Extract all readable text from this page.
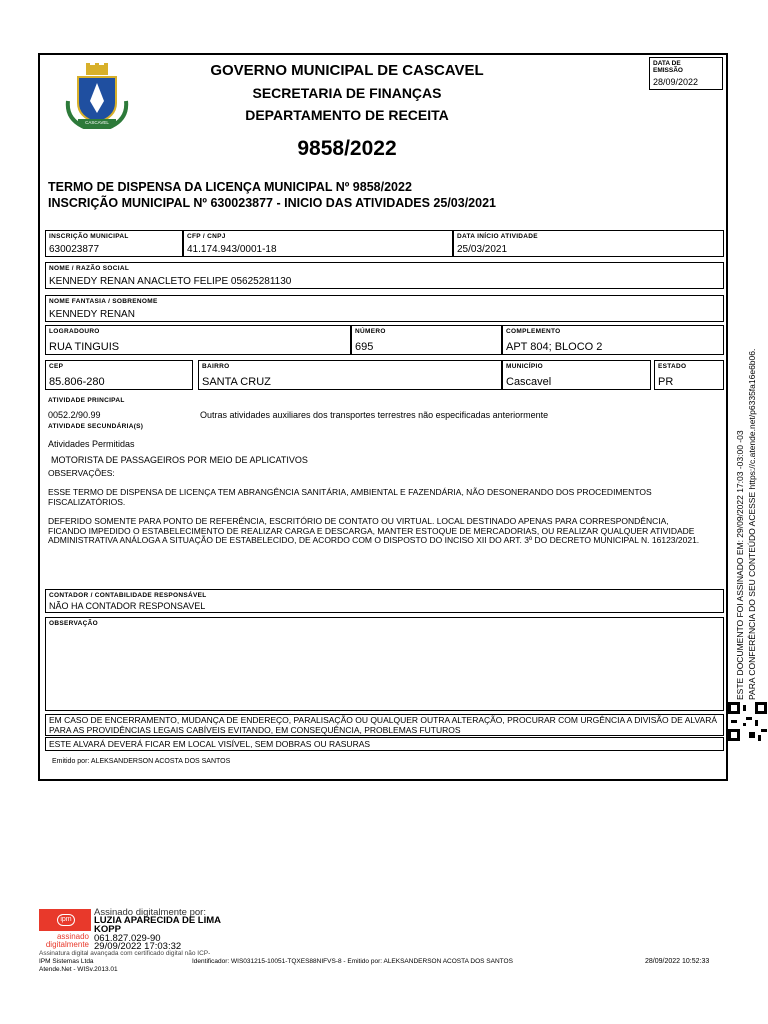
CASCAVEL
GOVERNO MUNICIPAL DE CASCAVEL
SECRETARIA DE FINANÇAS
DEPARTAMENTO DE RECEITA
9858/2022
DATA DE EMISSÃO
28/09/2022
TERMO DE DISPENSA DA LICENÇA MUNICIPAL Nº 9858/2022
INSCRIÇÃO MUNICIPAL Nº 630023877 - INICIO DAS ATIVIDADES 25/03/2021
INSCRIÇÃO MUNICIPAL
630023877
CFP / CNPJ
41.174.943/0001-18
DATA INÍCIO ATIVIDADE
25/03/2021
NOME / RAZÃO SOCIAL
KENNEDY RENAN ANACLETO FELIPE 05625281130
NOME FANTASIA / SOBRENOME
KENNEDY RENAN
LOGRADOURO
RUA TINGUIS
NÚMERO
695
COMPLEMENTO
APT 804; BLOCO 2
CEP
85.806-280
BAIRRO
SANTA CRUZ
MUNICÍPIO
Cascavel
ESTADO
PR
ATIVIDADE PRINCIPAL
0052.2/90.99	Outras atividades auxiliares dos transportes terrestres não especificadas anteriormente
ATIVIDADE SECUNDÁRIA(S)
Atividades Permitidas
MOTORISTA DE PASSAGEIROS POR MEIO DE APLICATIVOS
OBSERVAÇÕES:
ESSE TERMO DE DISPENSA DE LICENÇA TEM ABRANGÊNCIA SANITÁRIA, AMBIENTAL E FAZENDÁRIA, NÃO DESONERANDO DOS PROCEDIMENTOS FISCALIZATÓRIOS.
DEFERIDO SOMENTE PARA PONTO DE REFERÊNCIA, ESCRITÓRIO DE CONTATO OU VIRTUAL. LOCAL DESTINADO APENAS PARA CORRESPONDÊNCIA, FICANDO IMPEDIDO O ESTABELECIMENTO DE REALIZAR CARGA E DESCARGA, MANTER ESTOQUE DE MERCADORIAS, OU REALIZAR QUALQUER ATIVIDADE ADMINISTRATIVA ANÁLOGA A SITUAÇÃO DE ESTABELECIDO, DE ACORDO COM O DISPOSTO DO INCISO XII DO ART. 3º DO DECRETO MUNICIPAL N. 16123/2021.
CONTADOR / CONTABILIDADE RESPONSÁVEL
NÃO HA CONTADOR RESPONSAVEL
OBSERVAÇÃO
EM CASO DE ENCERRAMENTO, MUDANÇA DE ENDEREÇO, PARALISAÇÃO OU QUALQUER OUTRA ALTERAÇÃO, PROCURAR COM URGÊNCIA A DIVISÃO DE ALVARÁ PARA AS PROVIDÊNCIAS LEGAIS CABÍVEIS EVITANDO, EM CONSEQUÊNCIA, PROBLEMAS FUTUROS
ESTE ALVARÁ DEVERÁ FICAR EM LOCAL VISÍVEL, SEM DOBRAS OU RASURAS
Emitido por: ALEKSANDERSON ACOSTA DOS SANTOS
ESTE DOCUMENTO FOI ASSINADO EM: 29/09/2022 17:03 -03:00 -03 PARA CONFERÊNCIA DO SEU CONTEÚDO ACESSE https://c.atende.net/p6335fa16e6b06.
ipm
assinado
digitalmente
Assinado digitalmente por:
LUZIA APARECIDA DE LIMA
KOPP
061.827.029-90
29/09/2022 17:03:32
Assinatura digital avançada com certificado digital não ICP-
IPM Sistemas Ltda
Atende.Net - WISv.2013.01
Identificador: WIS031215-10051-TQXES88NIFVS-8 - Emitido por: ALEKSANDERSON ACOSTA DOS SANTOS	28/09/2022 10:52:33
